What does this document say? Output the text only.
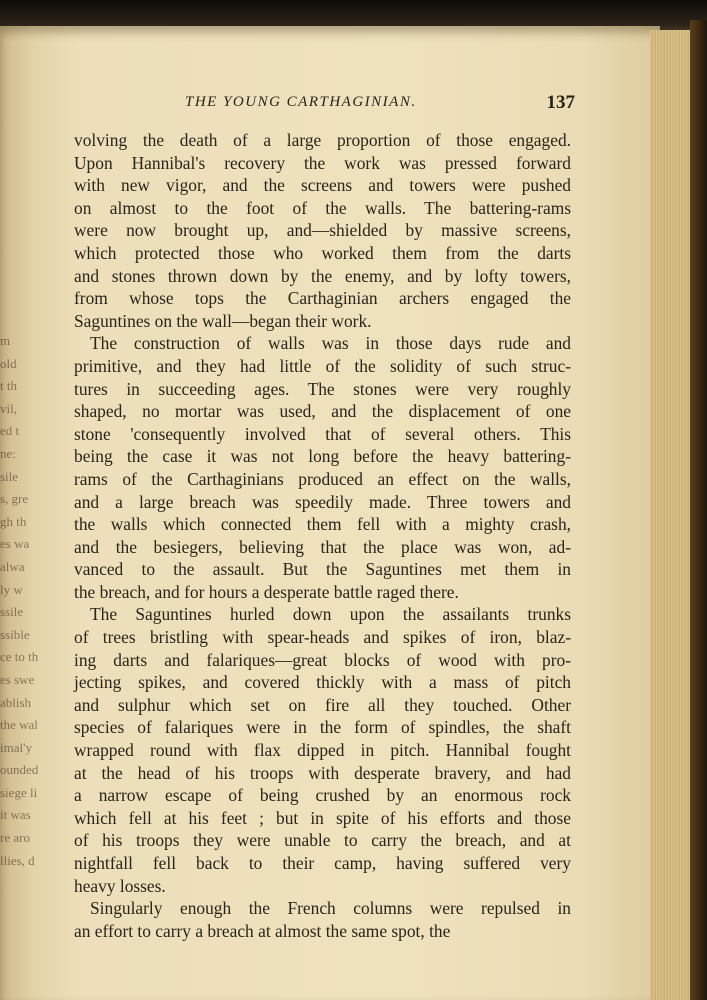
m
old
t th
vil,
ed t
ne:
sile
s, gre
gh th
es wa
alwa
ly w
ssile
ssible
ce to th
es swe
ablish
the wal
imal'y
ounded
siege li
it was
re aro
llies, d
THE YOUNG CARTHAGINIAN.	137
volving the death of a large proportion of those engaged.
Upon Hannibal's recovery the work was pressed forward
with new vigor, and the screens and towers were pushed
on almost to the foot of the walls. The battering-rams
were now brought up, and—shielded by massive screens,
which protected those who worked them from the darts
and stones thrown down by the enemy, and by lofty towers,
from whose tops the Carthaginian archers engaged the
Saguntines on the wall—began their work.
The construction of walls was in those days rude and
primitive, and they had little of the solidity of such struc-
tures in succeeding ages. The stones were very roughly
shaped, no mortar was used, and the displacement of one
stone 'consequently involved that of several others. This
being the case it was not long before the heavy battering-
rams of the Carthaginians produced an effect on the walls,
and a large breach was speedily made. Three towers and
the walls which connected them fell with a mighty crash,
and the besiegers, believing that the place was won, ad-
vanced to the assault. But the Saguntines met them in
the breach, and for hours a desperate battle raged there.
The Saguntines hurled down upon the assailants trunks
of trees bristling with spear-heads and spikes of iron, blaz-
ing darts and falariques—great blocks of wood with pro-
jecting spikes, and covered thickly with a mass of pitch
and sulphur which set on fire all they touched. Other
species of falariques were in the form of spindles, the shaft
wrapped round with flax dipped in pitch. Hannibal fought
at the head of his troops with desperate bravery, and had
a narrow escape of being crushed by an enormous rock
which fell at his feet ; but in spite of his efforts and those
of his troops they were unable to carry the breach, and at
nightfall fell back to their camp, having suffered very
heavy losses.
Singularly enough the French columns were repulsed in
an effort to carry a breach at almost the same spot, the
